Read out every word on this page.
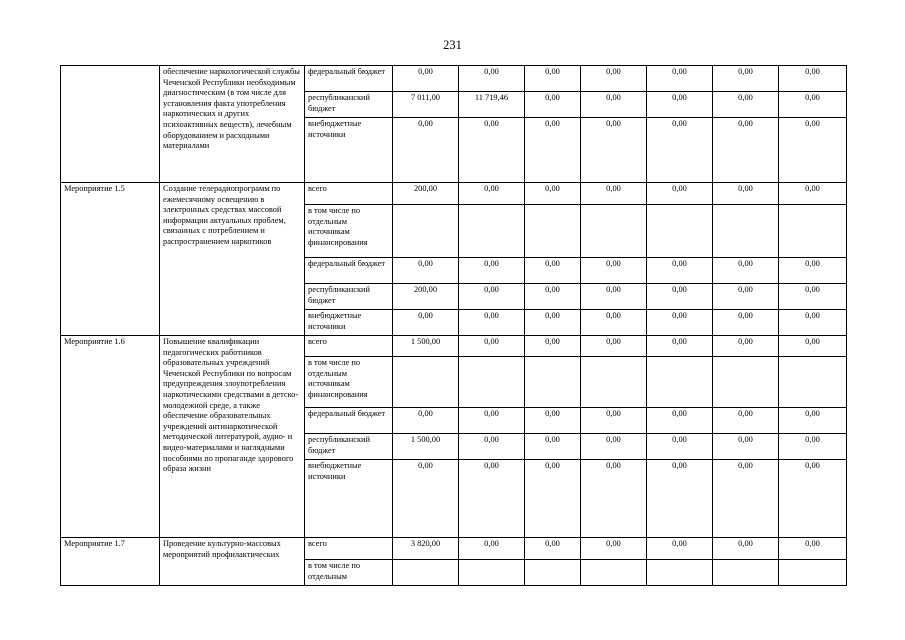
231
	обеспечение наркологической службы Чеченской Республики необходимым диагностическим (в том числе для установления факта употребления наркотических и других психоактивных веществ), лечебным оборудованием и расходными материалами	федеральный бюджет	0,00	0,00	0,00	0,00	0,00	0,00	0,00
		республиканский бюджет	7 011,00	11 719,46	0,00	0,00	0,00	0,00	0,00
		внебюджетные источники	0,00	0,00	0,00	0,00	0,00	0,00	0,00
Мероприятие 1.5	Создание телерадиопрограмм по ежемесячному освещению в электронных средствах массовой информации актуальных проблем, связанных с потреблением и распространением наркотиков	всего	200,00	0,00	0,00	0,00	0,00	0,00	0,00
		в том числе по отдельным источникам финансирования							
		федеральный бюджет	0,00	0,00	0,00	0,00	0,00	0,00	0,00
		республиканский бюджет	200,00	0,00	0,00	0,00	0,00	0,00	0,00
		внебюджетные источники	0,00	0,00	0,00	0,00	0,00	0,00	0,00
Мероприятие 1.6	Повышение квалификации педагогических работников образовательных учреждений Чеченской Республики по вопросам предупреждения злоупотребления наркотическими средствами в детско-молодежной среде, а также обеспечение образовательных учреждений антинаркотической методической литературой, аудио- и видео-материалами и наглядными пособиями по пропаганде здорового образа жизни	всего	1 500,00	0,00	0,00	0,00	0,00	0,00	0,00
		в том числе по отдельным источникам финансирования							
		федеральный бюджет	0,00	0,00	0,00	0,00	0,00	0,00	0,00
		республиканский бюджет	1 500,00	0,00	0,00	0,00	0,00	0,00	0,00
		внебюджетные источники	0,00	0,00	0,00	0,00	0,00	0,00	0,00
Мероприятие 1.7	Проведение культурно-массовых мероприятий профилактических	всего	3 820,00	0,00	0,00	0,00	0,00	0,00	0,00
		в том числе по отдельным							
